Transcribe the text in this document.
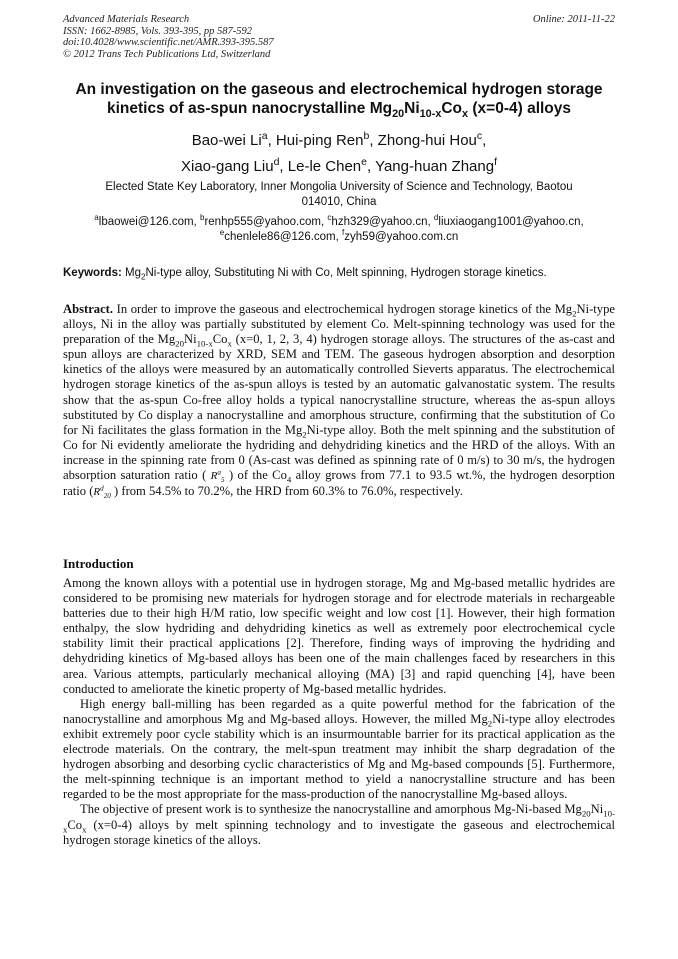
Advanced Materials Research
ISSN: 1662-8985, Vols. 393-395, pp 587-592
doi:10.4028/www.scientific.net/AMR.393-395.587
© 2012 Trans Tech Publications Ltd, Switzerland
Online: 2011-11-22
An investigation on the gaseous and electrochemical hydrogen storage
kinetics of as-spun nanocrystalline $Mg_{20}Ni_{10-x}Co_x$ (x=0-4) alloys
Bao-wei Li$^a$, Hui-ping Ren$^b$, Zhong-hui Hou$^c$,
Xiao-gang Liu$^d$, Le-le Chen$^e$, Yang-huan Zhang$^f$
Elected State Key Laboratory, Inner Mongolia University of Science and Technology, Baotou
014010, China
$^a$lbaowei@126.com, $^b$renhp555@yahoo.com, $^c$hzh329@yahoo.cn, $^d$liuxiaogang1001@yahoo.cn,
$^e$chenlele86@126.com, $^f$zyh59@yahoo.com.cn
Keywords: $Mg_2Ni$-type alloy, Substituting Ni with Co, Melt spinning, Hydrogen storage kinetics.
Abstract. In order to improve the gaseous and electrochemical hydrogen storage kinetics of the $Mg_2Ni$-type alloys, Ni in the alloy was partially substituted by element Co. Melt-spinning technology was used for the preparation of the $Mg_{20}Ni_{10-x}Co_x$ (x=0, 1, 2, 3, 4) hydrogen storage alloys. The structures of the as-cast and spun alloys are characterized by XRD, SEM and TEM. The gaseous hydrogen absorption and desorption kinetics of the alloys were measured by an automatically controlled Sieverts apparatus. The electrochemical hydrogen storage kinetics of the as-spun alloys is tested by an automatic galvanostatic system. The results show that the as-spun Co-free alloy holds a typical nanocrystalline structure, whereas the as-spun alloys substituted by Co display a nanocrystalline and amorphous structure, confirming that the substitution of Co for Ni facilitates the glass formation in the $Mg_2Ni$-type alloy. Both the melt spinning and the substitution of Co for Ni evidently ameliorate the hydriding and dehydriding kinetics and the HRD of the alloys. With an increase in the spinning rate from 0 (As-cast was defined as spinning rate of 0 m/s) to 30 m/s, the hydrogen absorption saturation ratio ( $R^a_5$ ) of the $Co_4$ alloy grows from 77.1 to 93.5 wt.%, the hydrogen desorption ratio ($R^d_{20}$ ) from 54.5% to 70.2%, the HRD from 60.3% to 76.0%, respectively.
Introduction

Among the known alloys with a potential use in hydrogen storage, Mg and Mg-based metallic hydrides are considered to be promising new materials for hydrogen storage and for electrode materials in rechargeable batteries due to their high H/M ratio, low specific weight and low cost [1]. However, their high formation enthalpy, the slow hydriding and dehydriding kinetics as well as extremely poor electrochemical cycle stability limit their practical applications [2]. Therefore, finding ways of improving the hydriding and dehydriding kinetics of Mg-based alloys has been one of the main challenges faced by researchers in this area. Various attempts, particularly mechanical alloying (MA) [3] and rapid quenching [4], have been conducted to ameliorate the kinetic property of Mg-based metallic hydrides.

High energy ball-milling has been regarded as a quite powerful method for the fabrication of the nanocrystalline and amorphous Mg and Mg-based alloys. However, the milled $Mg_2Ni$-type alloy electrodes exhibit extremely poor cycle stability which is an insurmountable barrier for its practical application as the electrode materials. On the contrary, the melt-spun treatment may inhibit the sharp degradation of the hydrogen absorbing and desorbing cyclic characteristics of Mg and Mg-based compounds [5]. Furthermore, the melt-spinning technique is an important method to yield a nanocrystalline structure and has been regarded to be the most appropriate for the mass-production of the nanocrystalline Mg-based alloys.

The objective of present work is to synthesize the nanocrystalline and amorphous Mg-Ni-based $Mg_{20}Ni_{10-x}Co_x$ (x=0-4) alloys by melt spinning technology and to investigate the gaseous and electrochemical hydrogen storage kinetics of the alloys.
